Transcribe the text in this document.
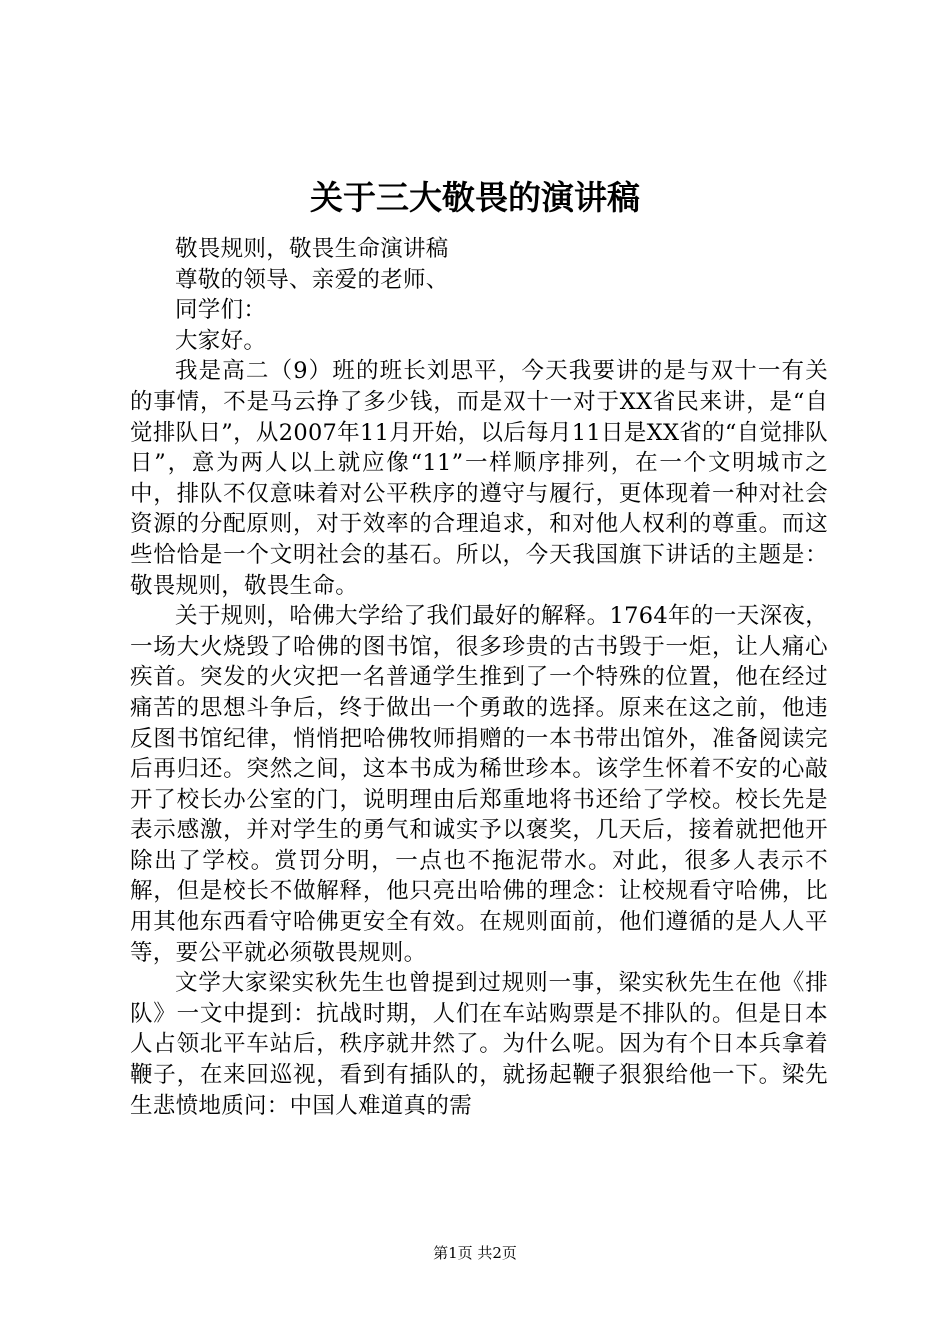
关于三大敬畏的演讲稿

敬畏规则，敬畏生命演讲稿

尊敬的领导、亲爱的老师、

同学们：

大家好。

我是高二（9）班的班长刘思平，今天我要讲的是与双十一有关的事情，不是马云挣了多少钱，而是双十一对于XX省民来讲，是“自觉排队日”，从2007年11月开始，以后每月11日是XX省的“自觉排队日”，意为两人以上就应像“11”一样顺序排列，在一个文明城市之中，排队不仅意味着对公平秩序的遵守与履行，更体现着一种对社会资源的分配原则，对于效率的合理追求，和对他人权利的尊重。而这些恰恰是一个文明社会的基石。所以，今天我国旗下讲话的主题是：敬畏规则，敬畏生命。

关于规则，哈佛大学给了我们最好的解释。1764年的一天深夜，一场大火烧毁了哈佛的图书馆，很多珍贵的古书毁于一炬，让人痛心疾首。突发的火灾把一名普通学生推到了一个特殊的位置，他在经过痛苦的思想斗争后，终于做出一个勇敢的选择。原来在这之前，他违反图书馆纪律，悄悄把哈佛牧师捐赠的一本书带出馆外，准备阅读完后再归还。突然之间，这本书成为稀世珍本。该学生怀着不安的心敲开了校长办公室的门，说明理由后郑重地将书还给了学校。校长先是表示感激，并对学生的勇气和诚实予以褒奖，几天后，接着就把他开除出了学校。赏罚分明，一点也不拖泥带水。对此，很多人表示不解，但是校长不做解释，他只亮出哈佛的理念：让校规看守哈佛，比用其他东西看守哈佛更安全有效。在规则面前，他们遵循的是人人平等，要公平就必须敬畏规则。

文学大家梁实秋先生也曾提到过规则一事，梁实秋先生在他《排队》一文中提到：抗战时期，人们在车站购票是不排队的。但是日本人占领北平车站后，秩序就井然了。为什么呢。因为有个日本兵拿着鞭子，在来回巡视，看到有插队的，就扬起鞭子狠狠给他一下。梁先生悲愤地质问：中国人难道真的需

第1页 共2页
